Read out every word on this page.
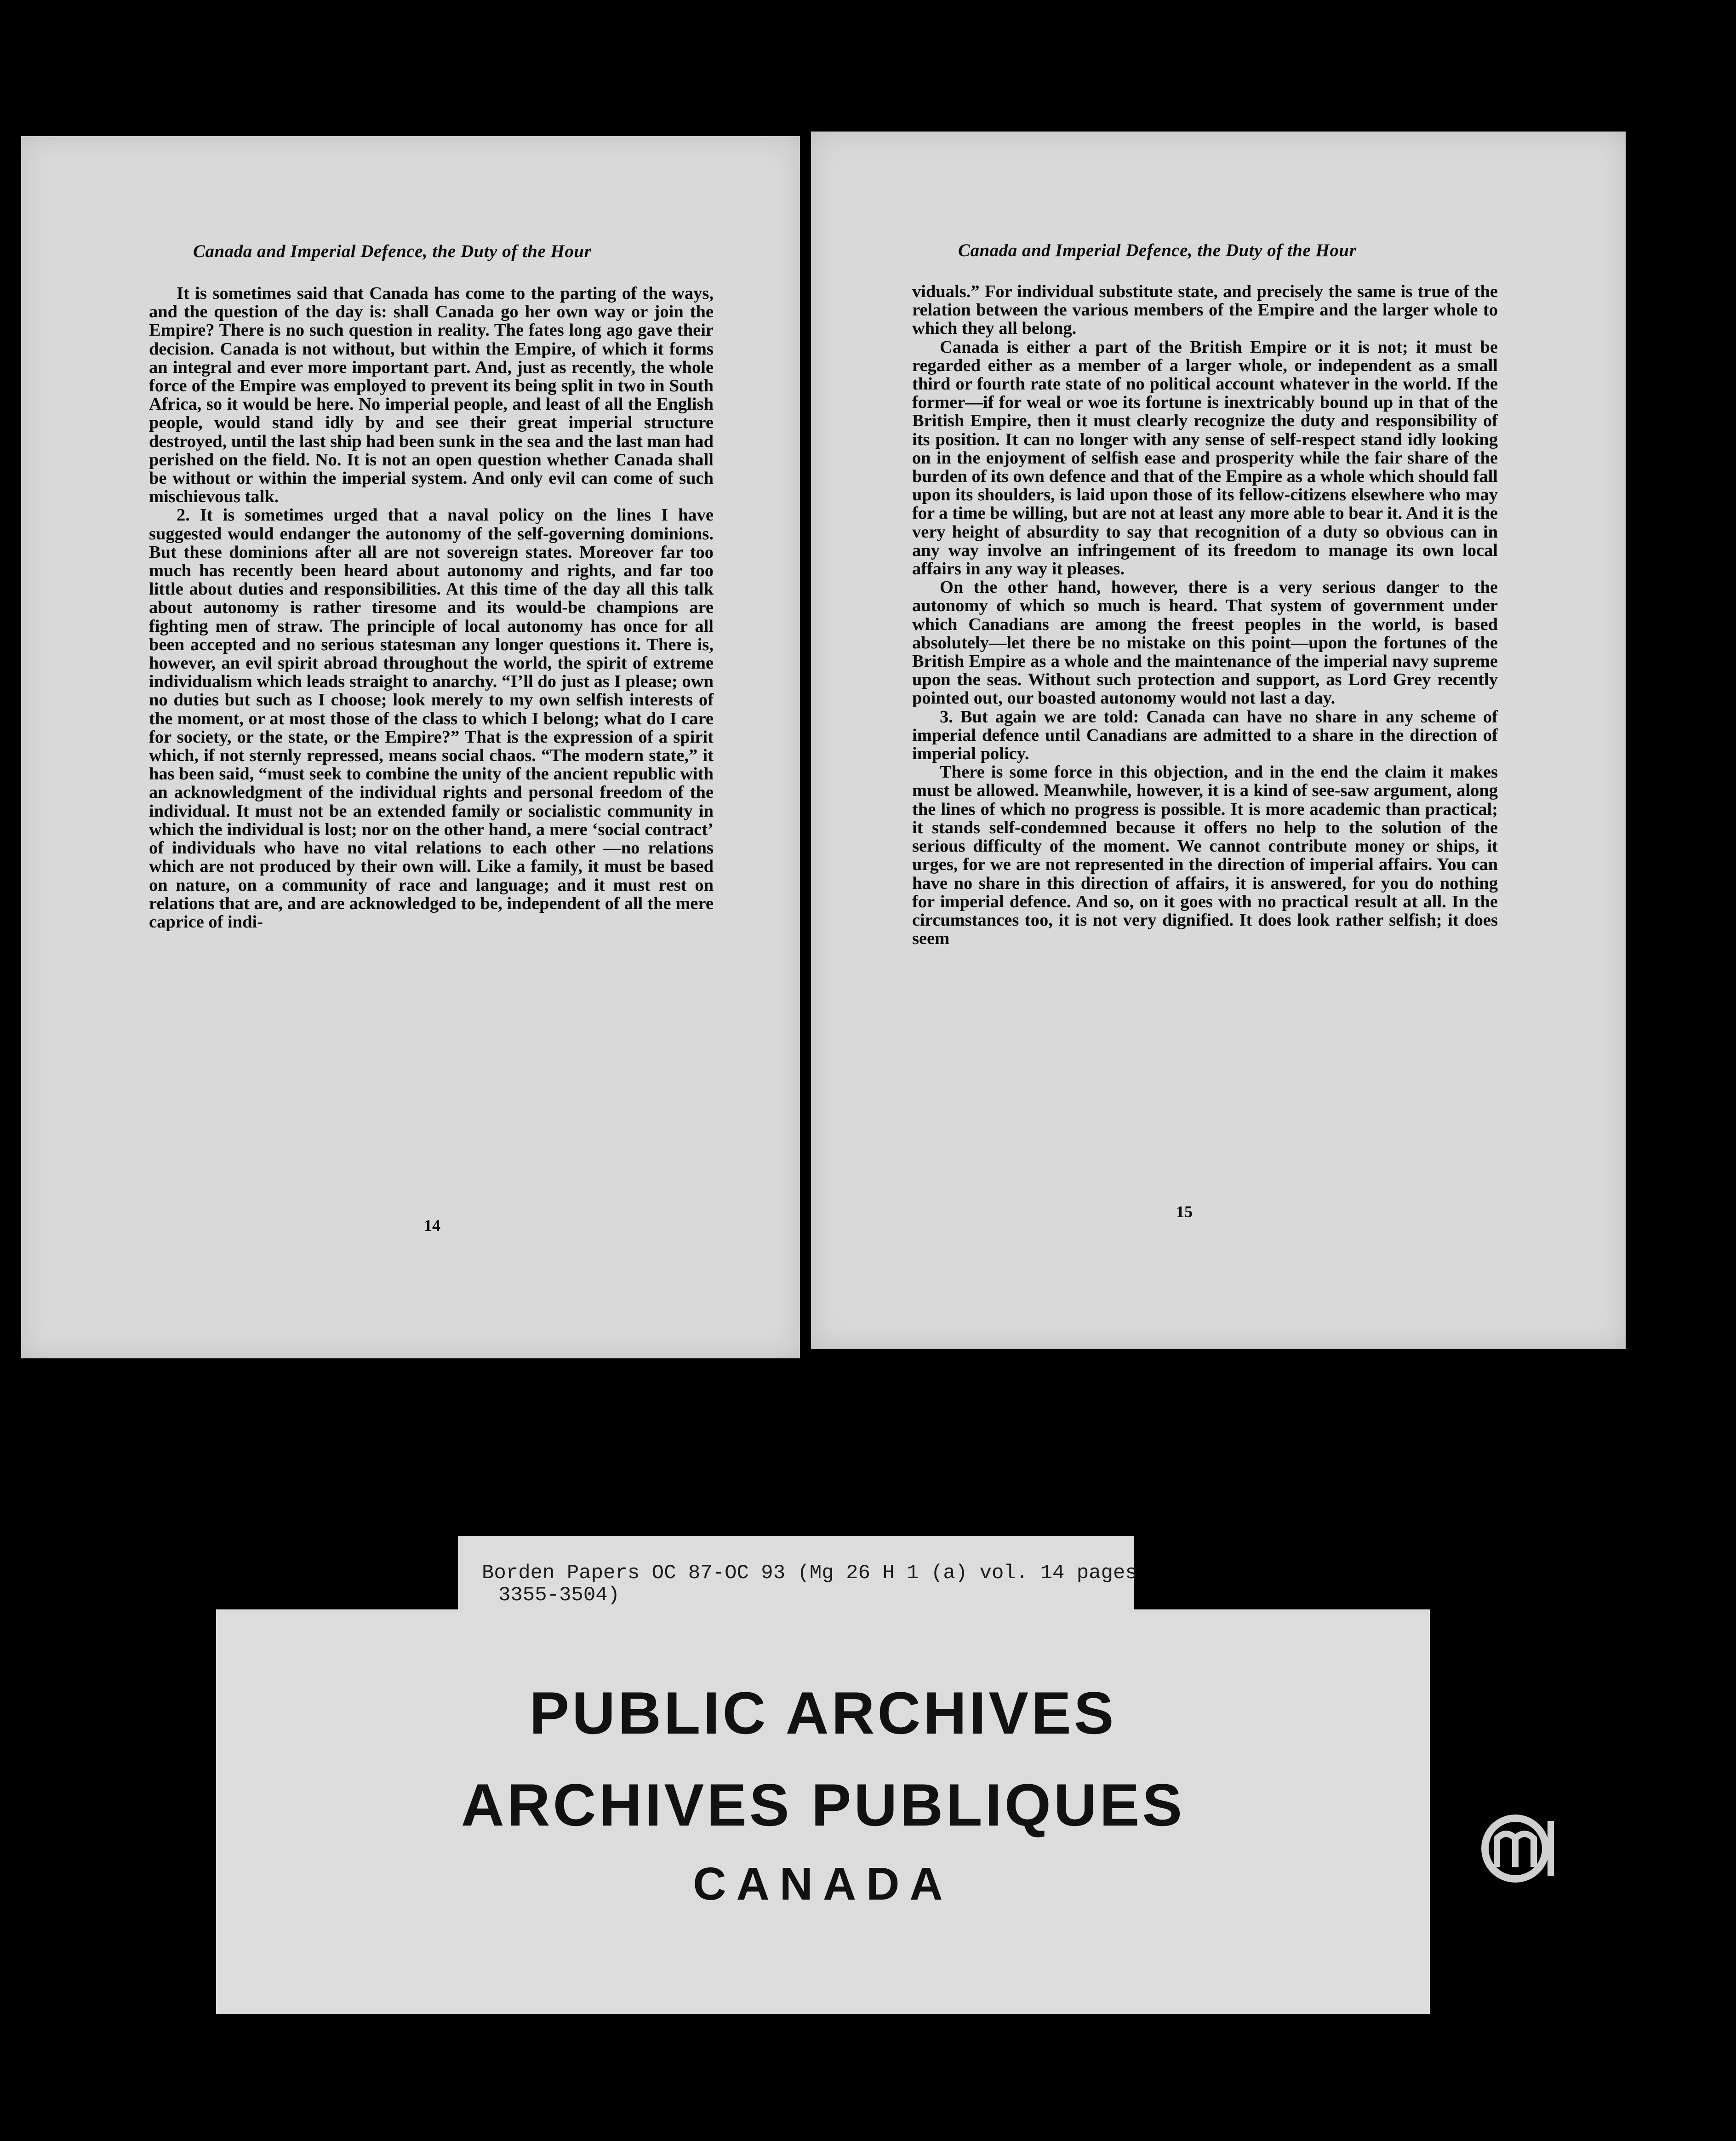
Canada and Imperial Defence, the Duty of the Hour

It is sometimes said that Canada has come to the parting of the ways, and the question of the day is: shall Canada go her own way or join the Empire? There is no such question in reality. The fates long ago gave their decision. Canada is not without, but within the Empire, of which it forms an integral and ever more important part. And, just as recently, the whole force of the Empire was employed to prevent its being split in two in South Africa, so it would be here. No imperial people, and least of all the English people, would stand idly by and see their great imperial structure destroyed, until the last ship had been sunk in the sea and the last man had perished on the field. No. It is not an open question whether Canada shall be without or within the imperial system. And only evil can come of such mischievous talk.

2. It is sometimes urged that a naval policy on the lines I have suggested would endanger the autonomy of the self-governing dominions. But these dominions after all are not sovereign states. Moreover far too much has recently been heard about autonomy and rights, and far too little about duties and responsibilities. At this time of the day all this talk about autonomy is rather tiresome and its would-be champions are fighting men of straw. The principle of local autonomy has once for all been accepted and no serious statesman any longer questions it. There is, however, an evil spirit abroad throughout the world, the spirit of extreme individualism which leads straight to anarchy. “I’ll do just as I please; own no duties but such as I choose; look merely to my own selfish interests of the moment, or at most those of the class to which I belong; what do I care for society, or the state, or the Empire?” That is the expression of a spirit which, if not sternly repressed, means social chaos. “The modern state,” it has been said, “must seek to combine the unity of the ancient republic with an acknowledgment of the individual rights and personal freedom of the individual. It must not be an extended family or socialistic community in which the individual is lost; nor on the other hand, a mere ‘social contract’ of individuals who have no vital relations to each other —no relations which are not produced by their own will. Like a family, it must be based on nature, on a community of race and language; and it must rest on relations that are, and are acknowledged to be, independent of all the mere caprice of indi-

14
Canada and Imperial Defence, the Duty of the Hour

viduals.” For individual substitute state, and precisely the same is true of the relation between the various members of the Empire and the larger whole to which they all belong.

Canada is either a part of the British Empire or it is not; it must be regarded either as a member of a larger whole, or independent as a small third or fourth rate state of no political account whatever in the world. If the former—if for weal or woe its fortune is inextricably bound up in that of the British Empire, then it must clearly recognize the duty and responsibility of its position. It can no longer with any sense of self-respect stand idly looking on in the enjoyment of selfish ease and prosperity while the fair share of the burden of its own defence and that of the Empire as a whole which should fall upon its shoulders, is laid upon those of its fellow-citizens elsewhere who may for a time be willing, but are not at least any more able to bear it. And it is the very height of absurdity to say that recognition of a duty so obvious can in any way involve an infringement of its freedom to manage its own local affairs in any way it pleases.

On the other hand, however, there is a very serious danger to the autonomy of which so much is heard. That system of government under which Canadians are among the freest peoples in the world, is based absolutely—let there be no mistake on this point—upon the fortunes of the British Empire as a whole and the maintenance of the imperial navy supreme upon the seas. Without such protection and support, as Lord Grey recently pointed out, our boasted autonomy would not last a day.

3. But again we are told: Canada can have no share in any scheme of imperial defence until Canadians are admitted to a share in the direction of imperial policy.

There is some force in this objection, and in the end the claim it makes must be allowed. Meanwhile, however, it is a kind of see-saw argument, along the lines of which no progress is possible. It is more academic than practical; it stands self-condemned because it offers no help to the solution of the serious difficulty of the moment. We cannot contribute money or ships, it urges, for we are not represented in the direction of imperial affairs. You can have no share in this direction of affairs, it is answered, for you do nothing for imperial defence. And so, on it goes with no practical result at all. In the circumstances too, it is not very dignified. It does look rather selfish; it does seem

15
Borden Papers OC 87-OC 93 (Mg 26 H 1 (a) vol. 14 pages
3355-3504)
PUBLIC ARCHIVES
ARCHIVES PUBLIQUES
CANADA
